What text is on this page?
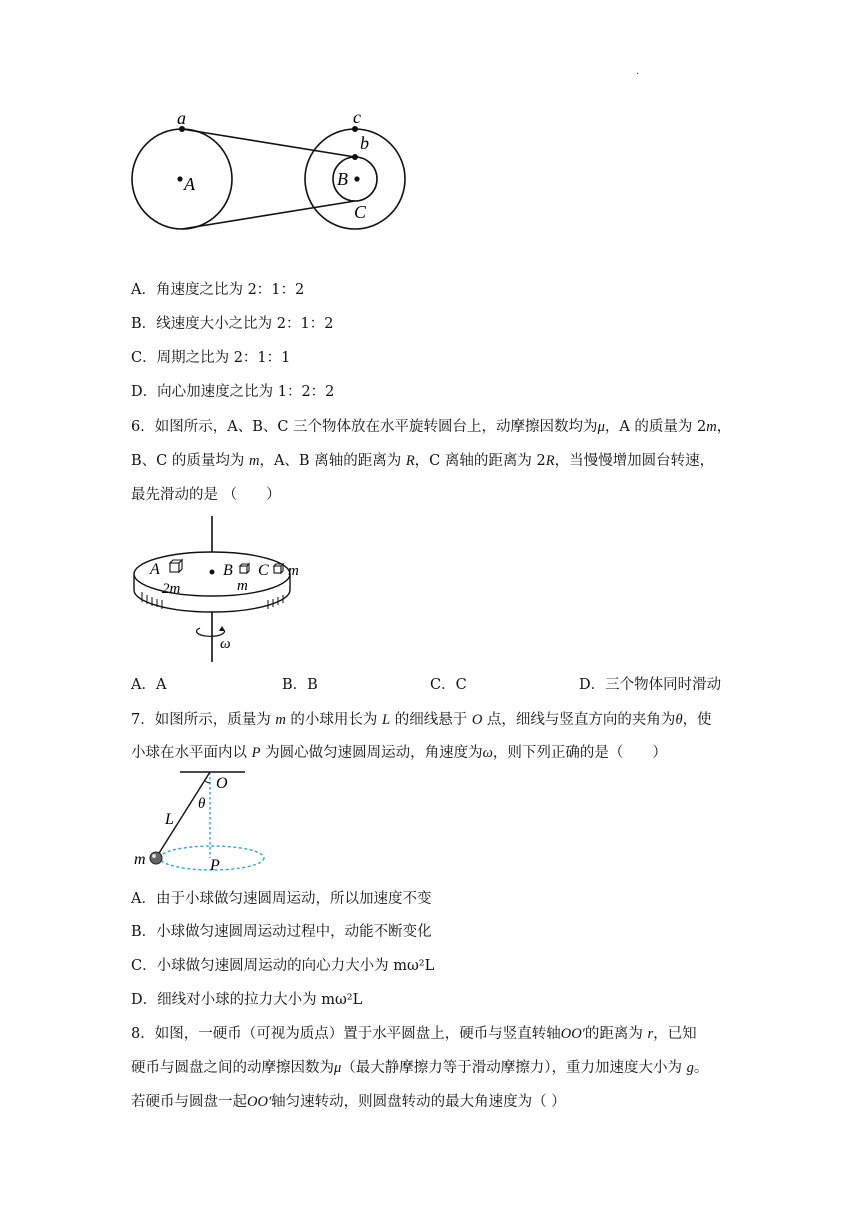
.
a
A
c
b
B
C
A．角速度之比为 2：1：2
B．线速度大小之比为 2：1：2
C．周期之比为 2：1：1
D．向心加速度之比为 1：2：2
6．如图所示，A、B、C 三个物体放在水平旋转圆台上，动摩擦因数均为μ，A 的质量为 2m，
B、C 的质量均为 m，A、B 离轴的距离为 R，C 离轴的距离为 2R，当慢慢增加圆台转速，
最先滑动的是 （　　）
A
2m
B
m
C m
ω
A．A	B．B	C．C	D．三个物体同时滑动
7．如图所示，质量为 m 的小球用长为 L 的细线悬于 O 点，细线与竖直方向的夹角为θ，使
小球在水平面内以 P 为圆心做匀速圆周运动，角速度为ω，则下列正确的是（　　）
O
θ
L
m	P
A．由于小球做匀速圆周运动，所以加速度不变
B．小球做匀速圆周运动过程中，动能不断变化
C．小球做匀速圆周运动的向心力大小为 mω²L
D．细线对小球的拉力大小为 mω²L
8．如图，一硬币（可视为质点）置于水平圆盘上，硬币与竖直转轴OO′的距离为 r，已知
硬币与圆盘之间的动摩擦因数为μ（最大静摩擦力等于滑动摩擦力），重力加速度大小为 g。
若硬币与圆盘一起OO′轴匀速转动，则圆盘转动的最大角速度为（ ）
